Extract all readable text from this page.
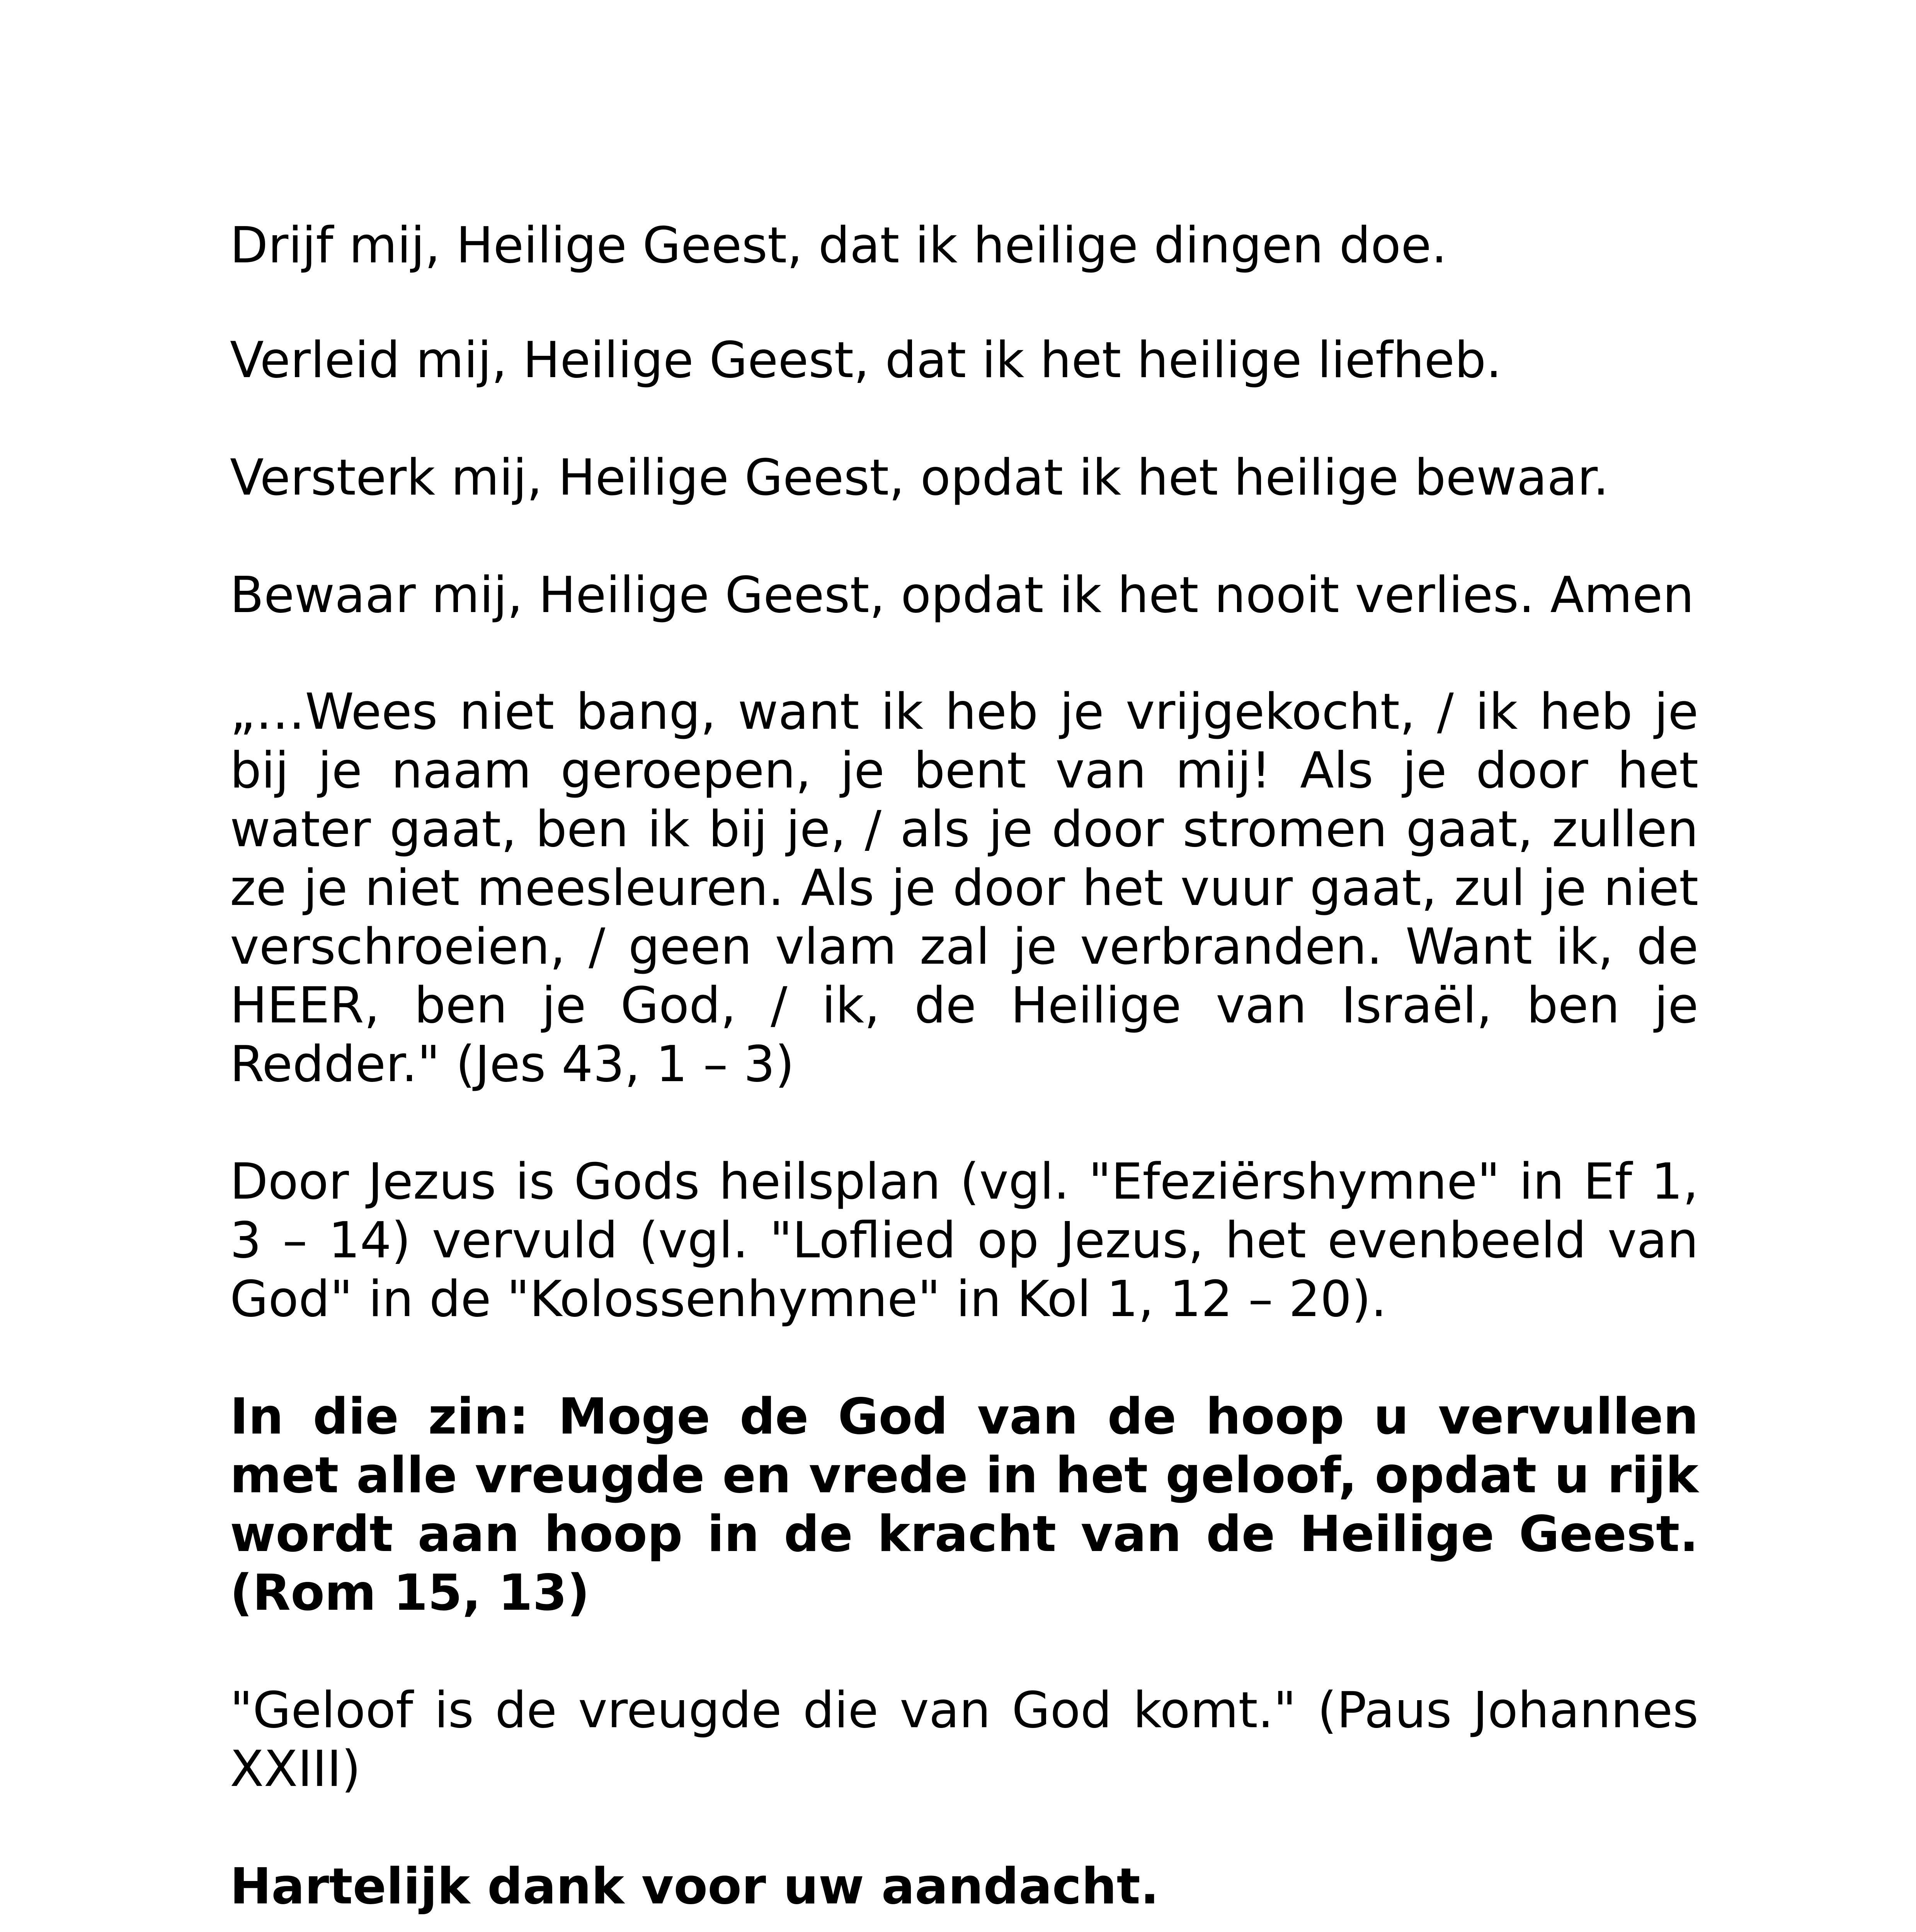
Drijf mij, Heilige Geest, dat ik heilige dingen doe.

Verleid mij, Heilige Geest, dat ik het heilige liefheb.

Versterk mij, Heilige Geest, opdat ik het heilige bewaar.

Bewaar mij, Heilige Geest, opdat ik het nooit verlies. Amen

„…Wees niet bang, want ik heb je vrijgekocht, / ik heb je bij je naam geroepen, je bent van mij! Als je door het water gaat, ben ik bij je, / als je door stromen gaat, zullen ze je niet meesleuren. Als je door het vuur gaat, zul je niet verschroeien, / geen vlam zal je verbranden. Want ik, de HEER, ben je God, / ik, de Heilige van Israël, ben je Redder." (Jes 43, 1 – 3)

Door Jezus is Gods heilsplan (vgl. "Efeziërshymne" in Ef 1, 3 – 14) vervuld (vgl. "Loflied op Jezus, het evenbeeld van God" in de "Kolossenhymne" in Kol 1, 12 – 20).

In die zin: Moge de God van de hoop u vervullen met alle vreugde en vrede in het geloof, opdat u rijk wordt aan hoop in de kracht van de Heilige Geest. (Rom 15, 13)

"Geloof is de vreugde die van God komt." (Paus Johannes XXIII)

Hartelijk dank voor uw aandacht.
